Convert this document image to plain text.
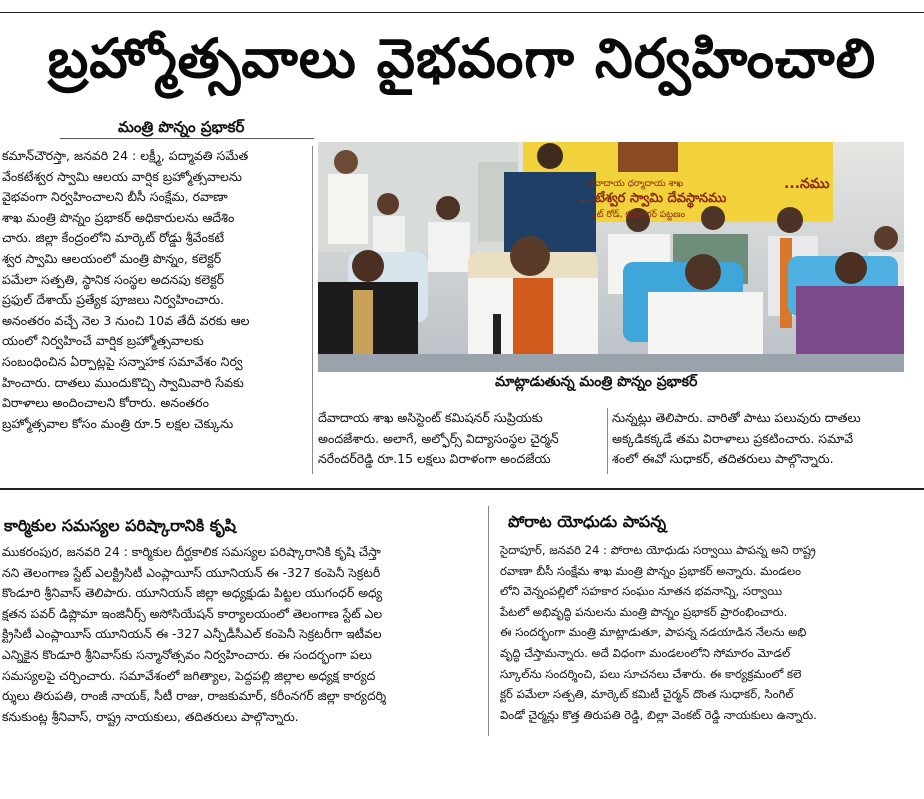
బ్రహ్మోత్సవాలు వైభవంగా నిర్వహించాలి
మంత్రి పొన్నం ప్రభాకర్

కమాన్‌చౌరస్తా, జనవరి 24 : లక్ష్మీ, పద్మావతి సమేత

వేంకటేశ్వర స్వామి ఆలయ వార్షిక బ్రహ్మోత్సవాలను

వైభవంగా నిర్వహించాలని బీసీ సంక్షేమ, రవాణా

శాఖ మంత్రి పొన్నం ప్రభాకర్ అధికారులను ఆదేశిం

చారు. జిల్లా కేంద్రంలోని మార్కెట్ రోడ్డు శ్రీవేంకటే

శ్వర స్వామి ఆలయంలో మంత్రి పొన్నం, కలెక్టర్

పమేలా సత్పతి, స్థానిక సంస్థల అదనపు కలెక్టర్

ప్రఫుల్ దేశాయ్ ప్రత్యేక పూజలు నిర్వహించారు.

అనంతరం వచ్చే నెల 3 నుంచి 10వ తేదీ వరకు ఆల

యంలో నిర్వహించే వార్షిక బ్రహ్మోత్సవాలకు

సంబంధించిన ఏర్పాట్లపై సన్నాహక సమావేశం నిర్వ

హించారు. దాతలు ముందుకొచ్చి స్వామివారి సేవకు

విరాళాలు అందించాలని కోరారు. అనంతరం

బ్రహ్మోత్సవాల కోసం మంత్రి రూ.5 లక్షల చెక్కును

దేవాదాయ ధర్మాదాయ శాఖ
...టేశ్వర స్వామి దేవస్థానము
...ట్ రోడ్, కరీంనగర్ పట్టణం
...నము
మాట్లాడుతున్న మంత్రి పొన్నం ప్రభాకర్

దేవాదాయ శాఖ అసిస్టెంట్ కమిషనర్ సుప్రియకు

అందజేశారు. అలాగే, అల్ఫోర్స్ విద్యాసంస్థల చైర్మన్

నరేందర్‌రెడ్డి రూ.15 లక్షలు విరాళంగా అందజేయ

నున్నట్లు తెలిపారు. వారితో పాటు పలువురు దాతలు

అక్కడికక్కడే తమ విరాళాలు ప్రకటించారు. సమావే

శంలో ఈవో సుధాకర్, తదితరులు పాల్గొన్నారు.

కార్మికుల సమస్యల పరిష్కారానికి కృషి
ముకరంపుర, జనవరి 24 : కార్మికుల దీర్ఘకాలిక సమస్యల పరిష్కారానికి కృషి చేస్తా
నని తెలంగాణ స్టేట్ ఎలక్ట్రిసిటీ ఎంప్లాయీస్ యూనియన్ ఈ -327 కంపెనీ సెక్రటరీ
కొండూరి శ్రీనివాస్ తెలిపారు. యూనియన్ జిల్లా అధ్యక్షుడు పిట్టల యుగంధర్ అధ్య
క్షతన పవర్ డిప్లొమా ఇంజినీర్స్ అసోసియేషన్ కార్యాలయంలో తెలంగాణ స్టేట్ ఎల
క్ట్రిసిటీ ఎంప్లాయీస్ యూనియన్ ఈ -327 ఎన్పీడీసీఎల్ కంపెనీ సెక్రటరీగా ఇటీవల
ఎన్నికైన కొండూరి శ్రీనివాస్‌కు సన్మానోత్సవం నిర్వహించారు. ఈ సందర్భంగా పలు
సమస్యలపై చర్చించారు. సమావేశంలో జగిత్యాల, పెద్దపల్లి జిల్లాల అధ్యక్ష కార్యద
ర్శులు తిరుపతి, రాంజీ నాయక్, సీటీ రాజు, రాజకుమార్, కరీంనగర్ జిల్లా కార్యదర్శి
కనుకుంట్ల శ్రీనివాస్, రాష్ట్ర నాయకులు, తదితరులు పాల్గొన్నారు.
పోరాట యోధుడు పాపన్న
సైదాపూర్, జనవరి 24 : పోరాట యోధుడు సర్వాయి పాపన్న అని రాష్ట్ర
రవాణా బీసీ సంక్షేమ శాఖ మంత్రి పొన్నం ప్రభాకర్ అన్నారు. మండలం
లోని వెన్నంపల్లిలో సహకార సంఘం నూతన భవనాన్ని, సర్వాయి
పేటలో అభివృద్ధి పనులను మంత్రి పొన్నం ప్రభాకర్ ప్రారంభించారు.
ఈ సందర్భంగా మంత్రి మాట్లాడుతూ, పాపన్న నడయాడిన నేలను అభి
వృద్ధి చేస్తామన్నారు. అదే విధంగా మండలంలోని సోమారం మోడల్
స్కూల్‌ను సందర్శించి, పలు సూచనలు చేశారు. ఈ కార్యక్రమంలో కలె
క్టర్ పమేలా సత్పతి, మార్కెట్ కమిటీ చైర్మన్ దొంత సుధాకర్, సింగిల్
విండో చైర్మన్లు కొత్త తిరుపతి రెడ్డి, బిల్లా వెంకట్ రెడ్డి నాయకులు ఉన్నారు.
